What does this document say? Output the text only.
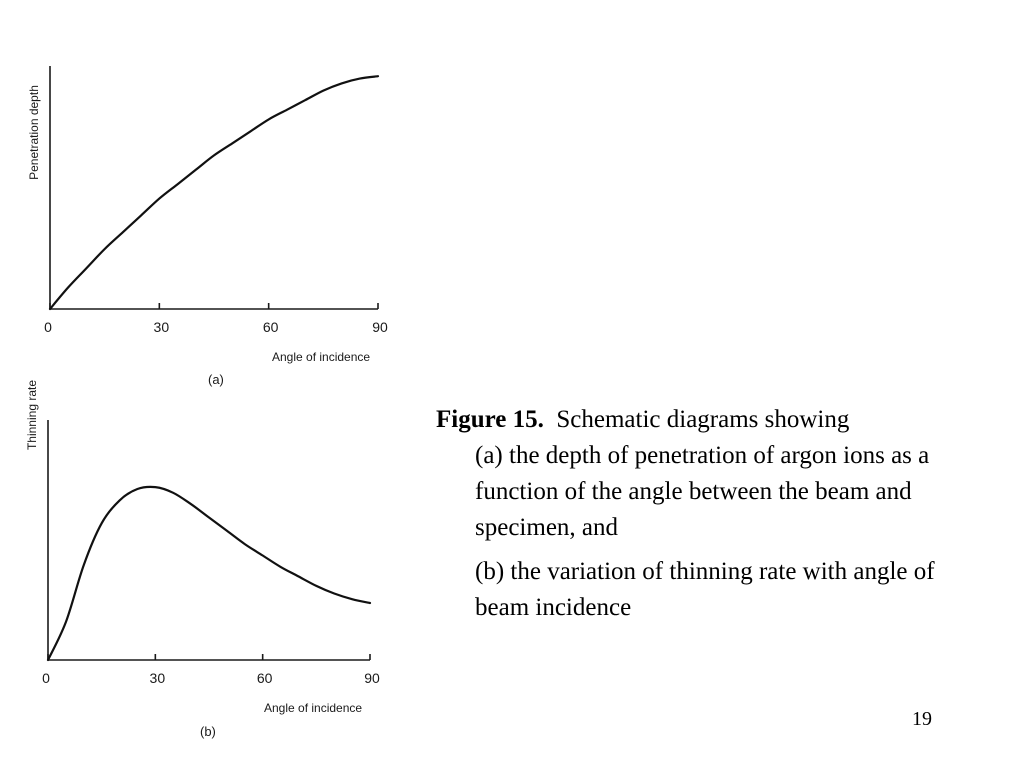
0	30	60	90
Angle of incidence
Penetration depth
(a)
0	30	60	90
Angle of incidence
Thinning rate
(b)
Figure 15. Schematic diagrams showing
(a) the depth of penetration of argon ions as a function of the angle between the beam and specimen, and
(b) the variation of thinning rate with angle of beam incidence
19
